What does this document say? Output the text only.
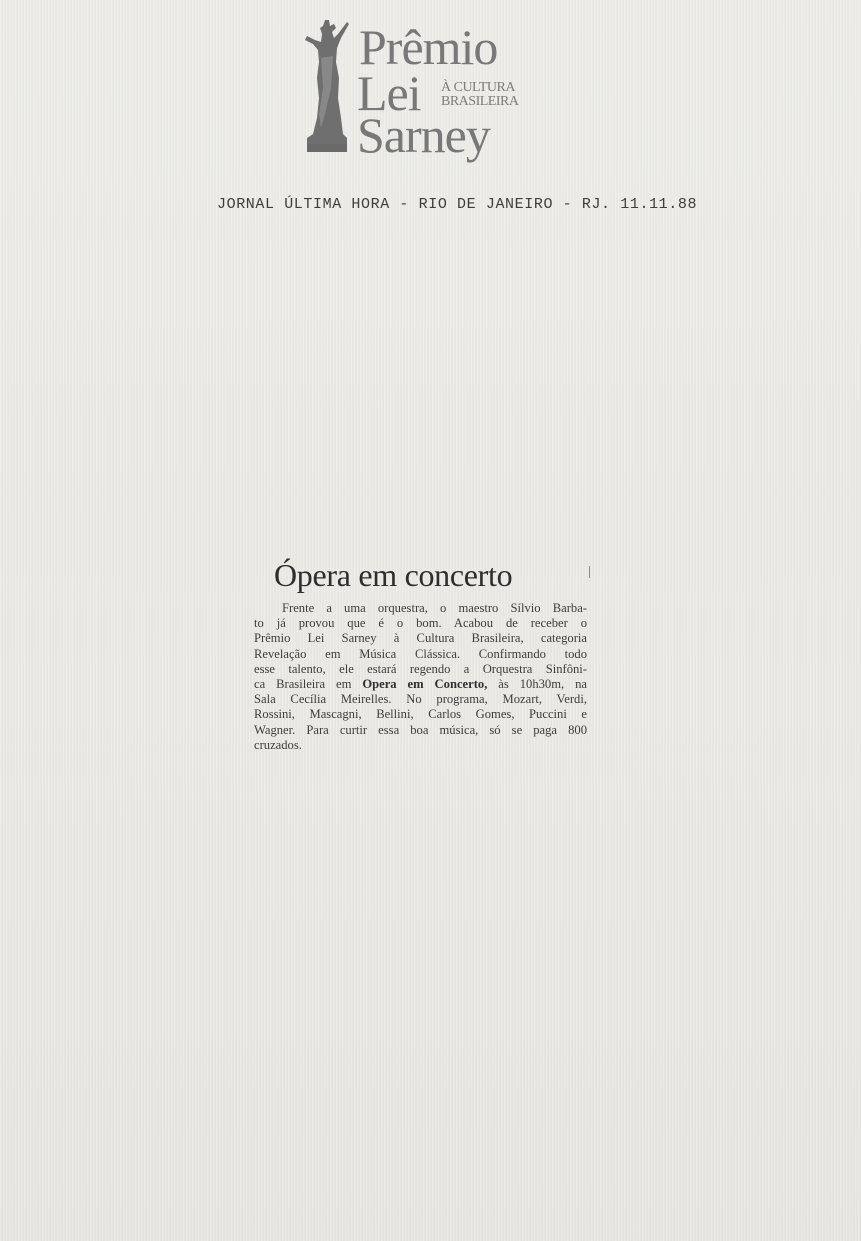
Prêmio
Lei À CULTURA
BRASILEIRA
Sarney
JORNAL ÚLTIMA HORA - RIO DE JANEIRO - RJ. 11.11.88
Ópera em concerto
Frente a uma orquestra, o maestro Sílvio Barba-
to já provou que é o bom. Acabou de receber o
Prêmio Lei Sarney à Cultura Brasileira, categoria
Revelação em Música Clássica. Confirmando todo
esse talento, ele estará regendo a Orquestra Sinfôni-
ca Brasileira em Opera em Concerto, às 10h30m, na
Sala Cecília Meirelles. No programa, Mozart, Verdi,
Rossini, Mascagni, Bellini, Carlos Gomes, Puccini e
Wagner. Para curtir essa boa música, só se paga 800
cruzados.
